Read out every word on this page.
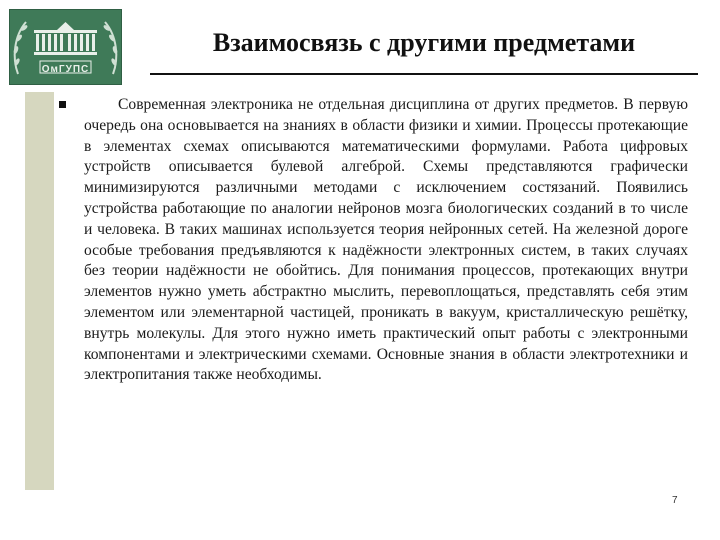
ОмГУПС
Взаимосвязь с другими предметами

Современная электроника не отдельная дисциплина от других предметов. В первую очередь она основывается на знаниях в области физики и химии. Процессы протекающие в элементах схемах описываются математическими формулами. Работа цифровых устройств описывается булевой алгеброй. Схемы представляются графически минимизируются различными методами с исключением состязаний. Появились устройства работающие по аналогии нейронов мозга биологических созданий в то числе и человека. В таких машинах используется теория нейронных сетей. На железной дороге особые требования предъявляются к надёжности электронных систем, в таких случаях без теории надёжности не обойтись. Для понимания процессов, протекающих внутри элементов нужно уметь абстрактно мыслить, перевоплощаться, представлять себя этим элементом или элементарной частицей, проникать в вакуум, кристаллическую решётку, внутрь молекулы. Для этого нужно иметь практический опыт работы с электронными компонентами и электрическими схемами. Основные знания в области электротехники и электропитания также необходимы.

7
